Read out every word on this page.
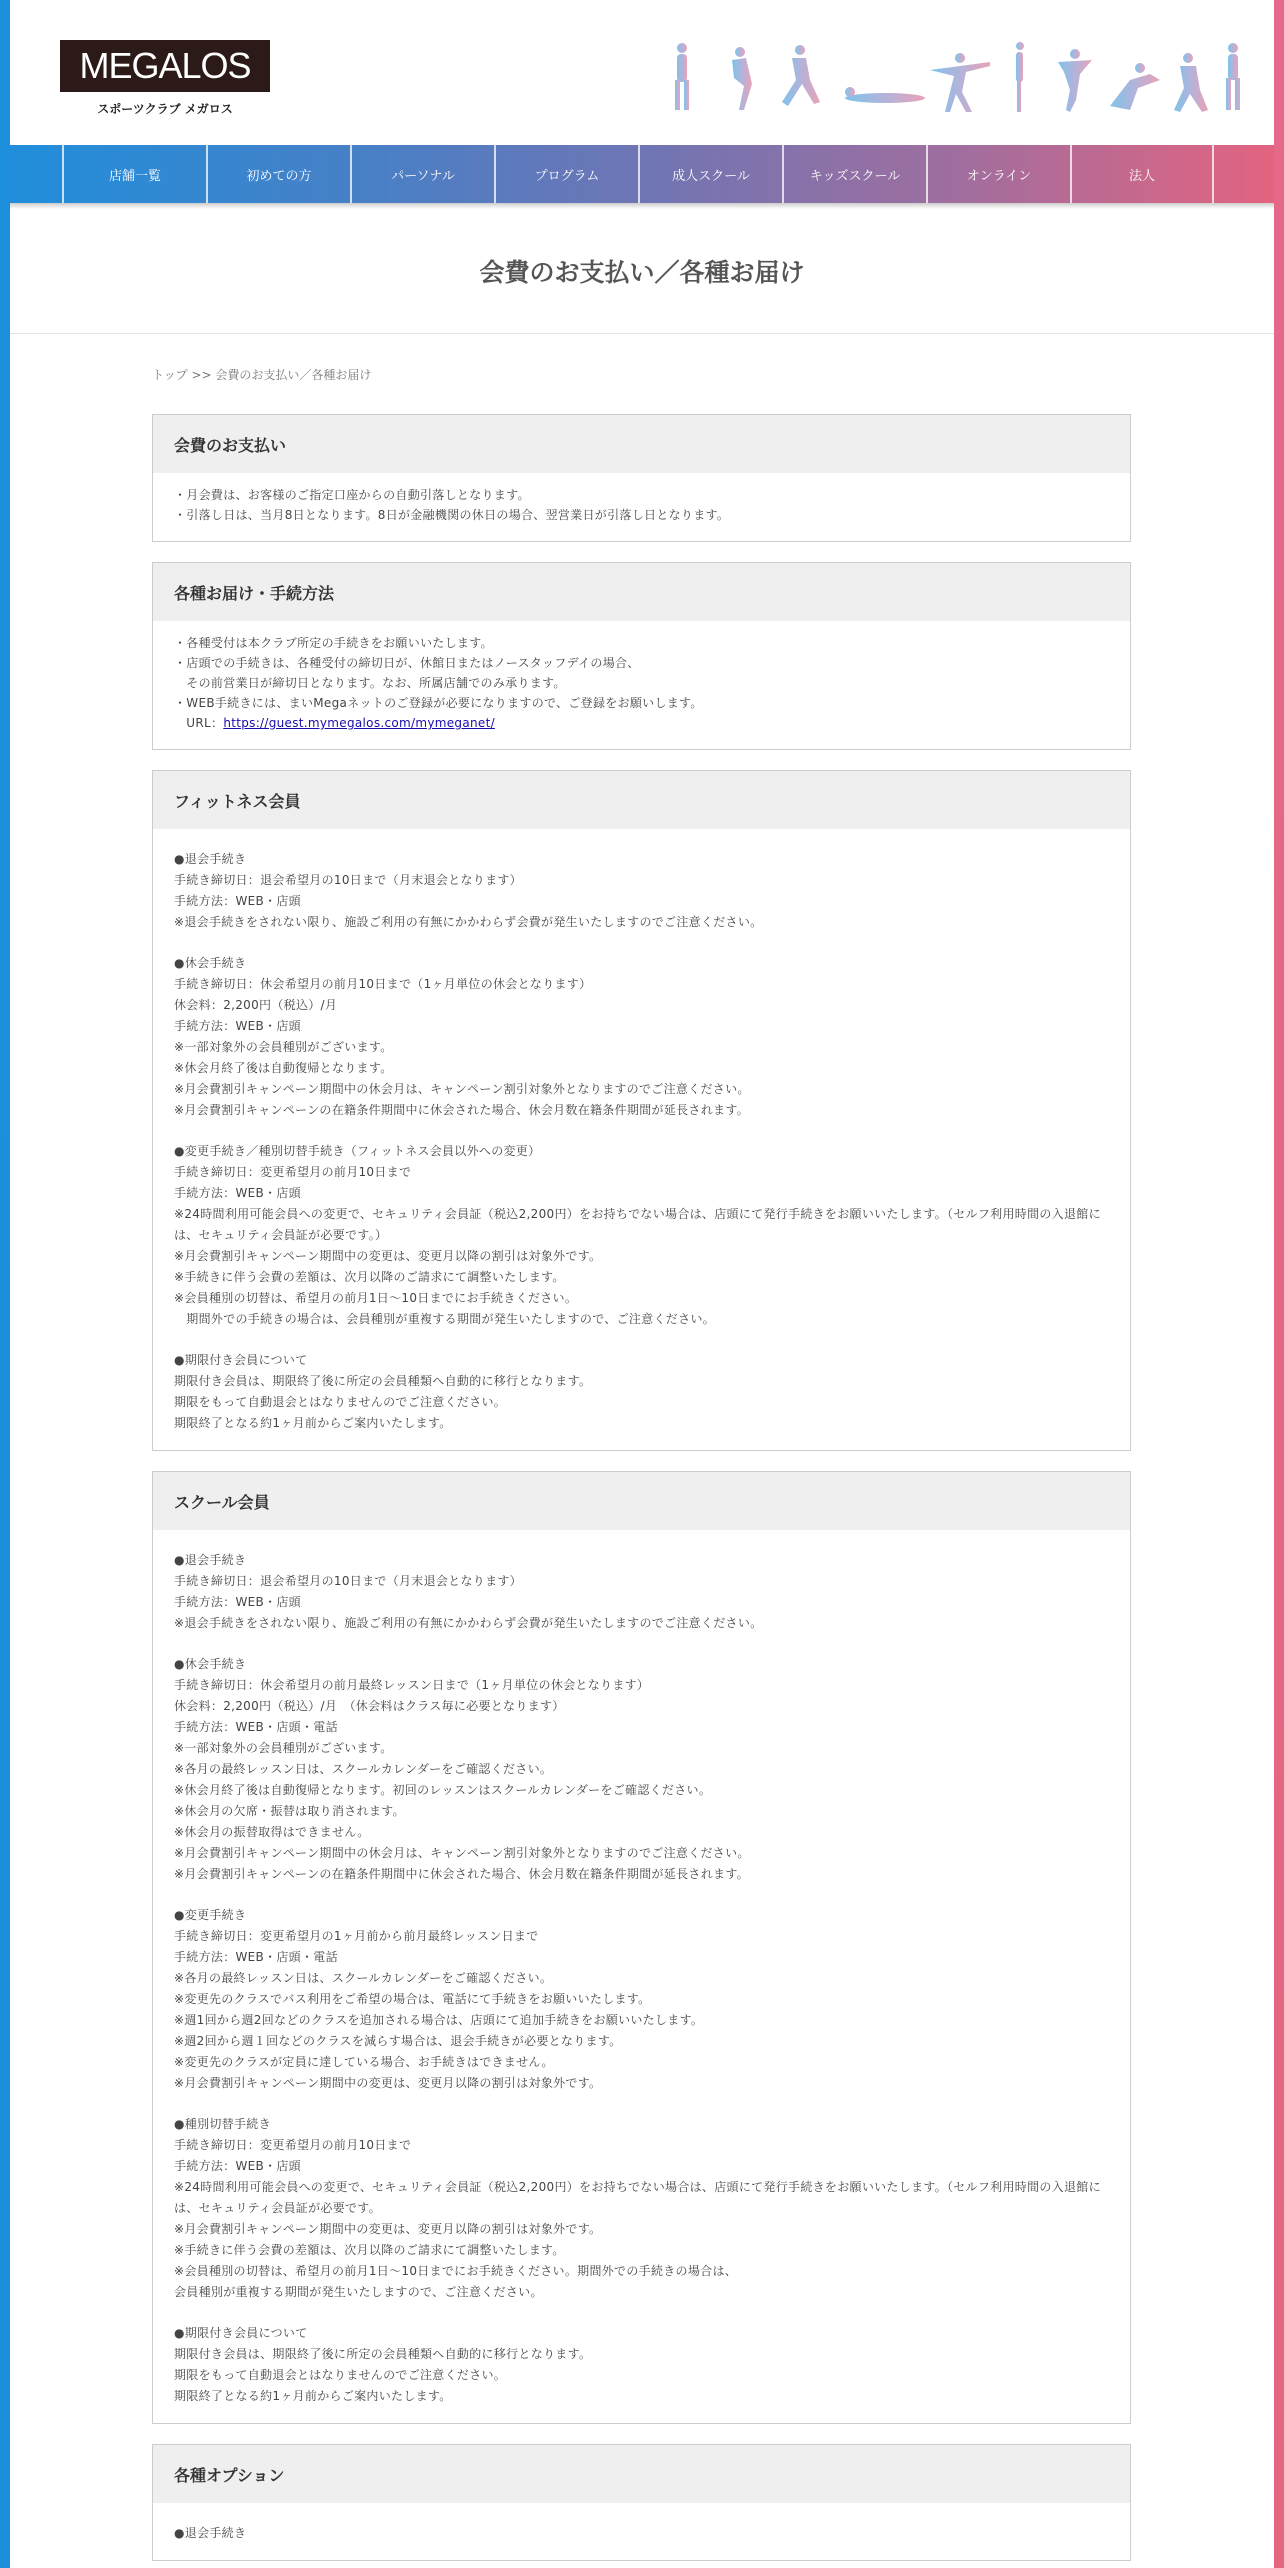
MEGALOS
スポーツクラブ メガロス
店舗一覧	初めての方	パーソナル	プログラム	成人スクール	キッズスクール	オンライン	法人
会費のお支払い／各種お届け
トップ >> 会費のお支払い／各種お届け
会費のお支払い

・月会費は、お客様のご指定口座からの自動引落しとなります。

・引落し日は、当月8日となります。8日が金融機関の休日の場合、翌営業日が引落し日となります。

各種お届け・手続方法

・各種受付は本クラブ所定の手続きをお願いいたします。

・店頭での手続きは、各種受付の締切日が、休館日またはノースタッフデイの場合、

　その前営業日が締切日となります。なお、所属店舗でのみ承ります。

・WEB手続きには、まいMegaネットのご登録が必要になりますので、ご登録をお願いします。

　URL：https://guest.mymegalos.com/mymeganet/

フィットネス会員

●退会手続き

手続き締切日：退会希望月の10日まで（月末退会となります）

手続方法：WEB・店頭

※退会手続きをされない限り、施設ご利用の有無にかかわらず会費が発生いたしますのでご注意ください。

●休会手続き

手続き締切日：休会希望月の前月10日まで（1ヶ月単位の休会となります）

休会料：2,200円（税込）/月

手続方法：WEB・店頭

※一部対象外の会員種別がございます。

※休会月終了後は自動復帰となります。

※月会費割引キャンペーン期間中の休会月は、キャンペーン割引対象外となりますのでご注意ください。

※月会費割引キャンペーンの在籍条件期間中に休会された場合、休会月数在籍条件期間が延長されます。

●変更手続き／種別切替手続き（フィットネス会員以外への変更）

手続き締切日：変更希望月の前月10日まで

手続方法：WEB・店頭

※24時間利用可能会員への変更で、セキュリティ会員証（税込2,200円）をお持ちでない場合は、店頭にて発行手続きをお願いいたします。（セルフ利用時間の入退館には、セキュリティ会員証が必要です。）

※月会費割引キャンペーン期間中の変更は、変更月以降の割引は対象外です。

※手続きに伴う会費の差額は、次月以降のご請求にて調整いたします。

※会員種別の切替は、希望月の前月1日～10日までにお手続きください。

　期間外での手続きの場合は、会員種別が重複する期間が発生いたしますので、ご注意ください。

●期限付き会員について

期限付き会員は、期限終了後に所定の会員種類へ自動的に移行となります。

期限をもって自動退会とはなりませんのでご注意ください。

期限終了となる約1ヶ月前からご案内いたします。

スクール会員

●退会手続き

手続き締切日：退会希望月の10日まで（月末退会となります）

手続方法：WEB・店頭

※退会手続きをされない限り、施設ご利用の有無にかかわらず会費が発生いたしますのでご注意ください。

●休会手続き

手続き締切日：休会希望月の前月最終レッスン日まで（1ヶ月単位の休会となります）

休会料：2,200円（税込）/月　（休会料はクラス毎に必要となります）

手続方法：WEB・店頭・電話

※一部対象外の会員種別がございます。

※各月の最終レッスン日は、スクールカレンダーをご確認ください。

※休会月終了後は自動復帰となります。初回のレッスンはスクールカレンダーをご確認ください。

※休会月の欠席・振替は取り消されます。

※休会月の振替取得はできません。

※月会費割引キャンペーン期間中の休会月は、キャンペーン割引対象外となりますのでご注意ください。

※月会費割引キャンペーンの在籍条件期間中に休会された場合、休会月数在籍条件期間が延長されます。

●変更手続き

手続き締切日：変更希望月の1ヶ月前から前月最終レッスン日まで

手続方法：WEB・店頭・電話

※各月の最終レッスン日は、スクールカレンダーをご確認ください。

※変更先のクラスでバス利用をご希望の場合は、電話にて手続きをお願いいたします。

※週1回から週2回などのクラスを追加される場合は、店頭にて追加手続きをお願いいたします。

※週2回から週１回などのクラスを減らす場合は、退会手続きが必要となります。

※変更先のクラスが定員に達している場合、お手続きはできません。

※月会費割引キャンペーン期間中の変更は、変更月以降の割引は対象外です。

●種別切替手続き

手続き締切日：変更希望月の前月10日まで

手続方法：WEB・店頭

※24時間利用可能会員への変更で、セキュリティ会員証（税込2,200円）をお持ちでない場合は、店頭にて発行手続きをお願いいたします。（セルフ利用時間の入退館には、セキュリティ会員証が必要です。

※月会費割引キャンペーン期間中の変更は、変更月以降の割引は対象外です。

※手続きに伴う会費の差額は、次月以降のご請求にて調整いたします。

※会員種別の切替は、希望月の前月1日～10日までにお手続きください。期間外での手続きの場合は、

会員種別が重複する期間が発生いたしますので、ご注意ください。

●期限付き会員について

期限付き会員は、期限終了後に所定の会員種類へ自動的に移行となります。

期限をもって自動退会とはなりませんのでご注意ください。

期限終了となる約1ヶ月前からご案内いたします。

各種オプション

●退会手続き
